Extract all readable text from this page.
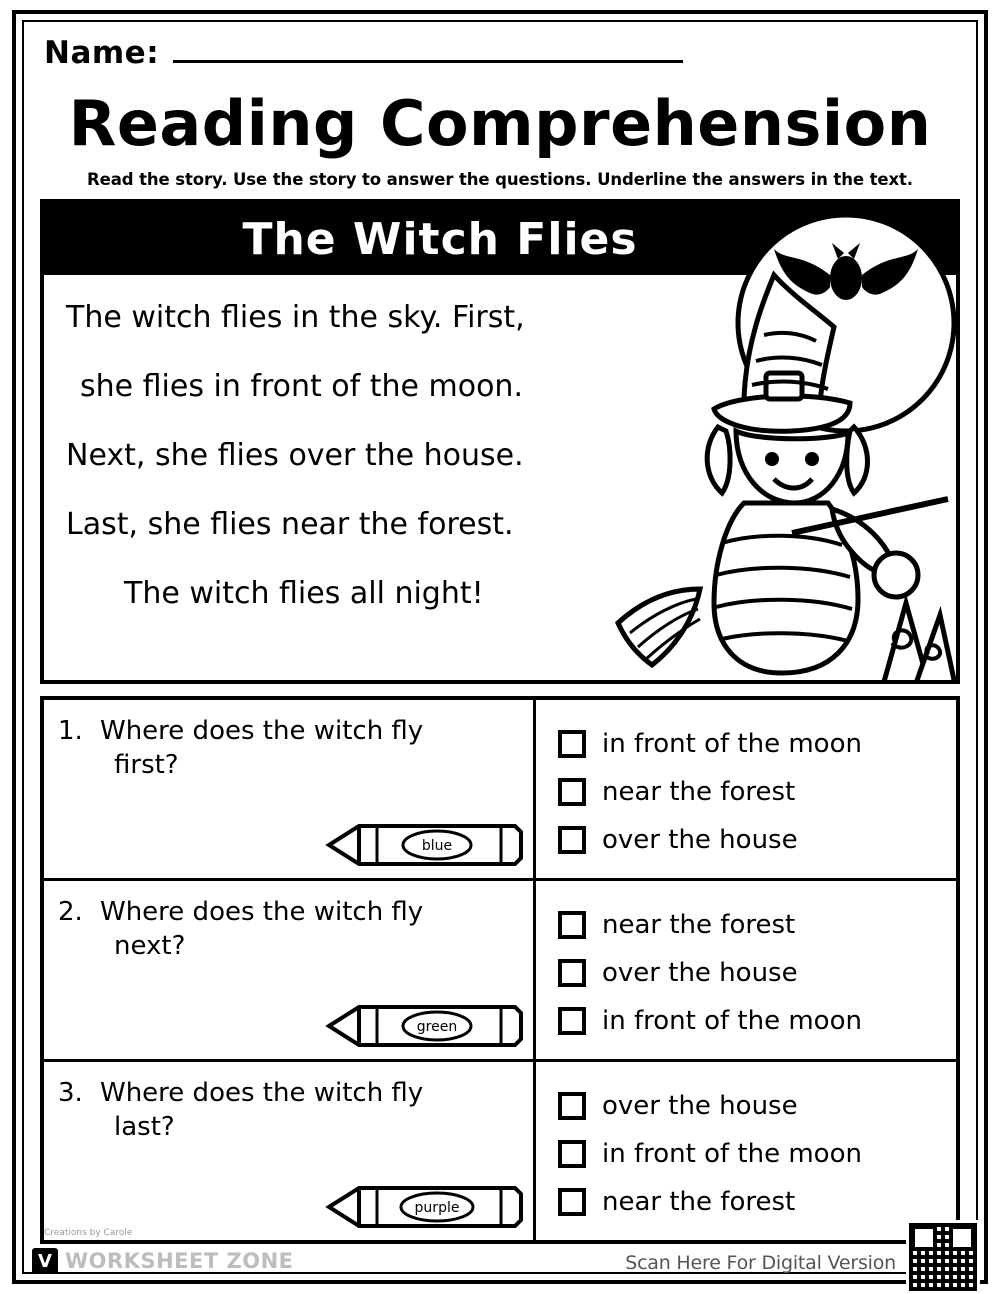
Name:
Reading Comprehension
Read the story. Use the story to answer the questions. Underline the answers in the text.
The Witch Flies
The witch flies in the sky. First,
she flies in front of the moon.
Next, she flies over the house.
Last, she flies near the forest.
The witch flies all night!
1. Where does the witch fly
first?
blue
in front of the moon
near the forest
over the house
2. Where does the witch fly
next?
green
near the forest
over the house
in front of the moon
3. Where does the witch fly
last?
purple
over the house
in front of the moon
near the forest
Creations by Carole
V WORKSHEET ZONE	Scan Here For Digital Version
